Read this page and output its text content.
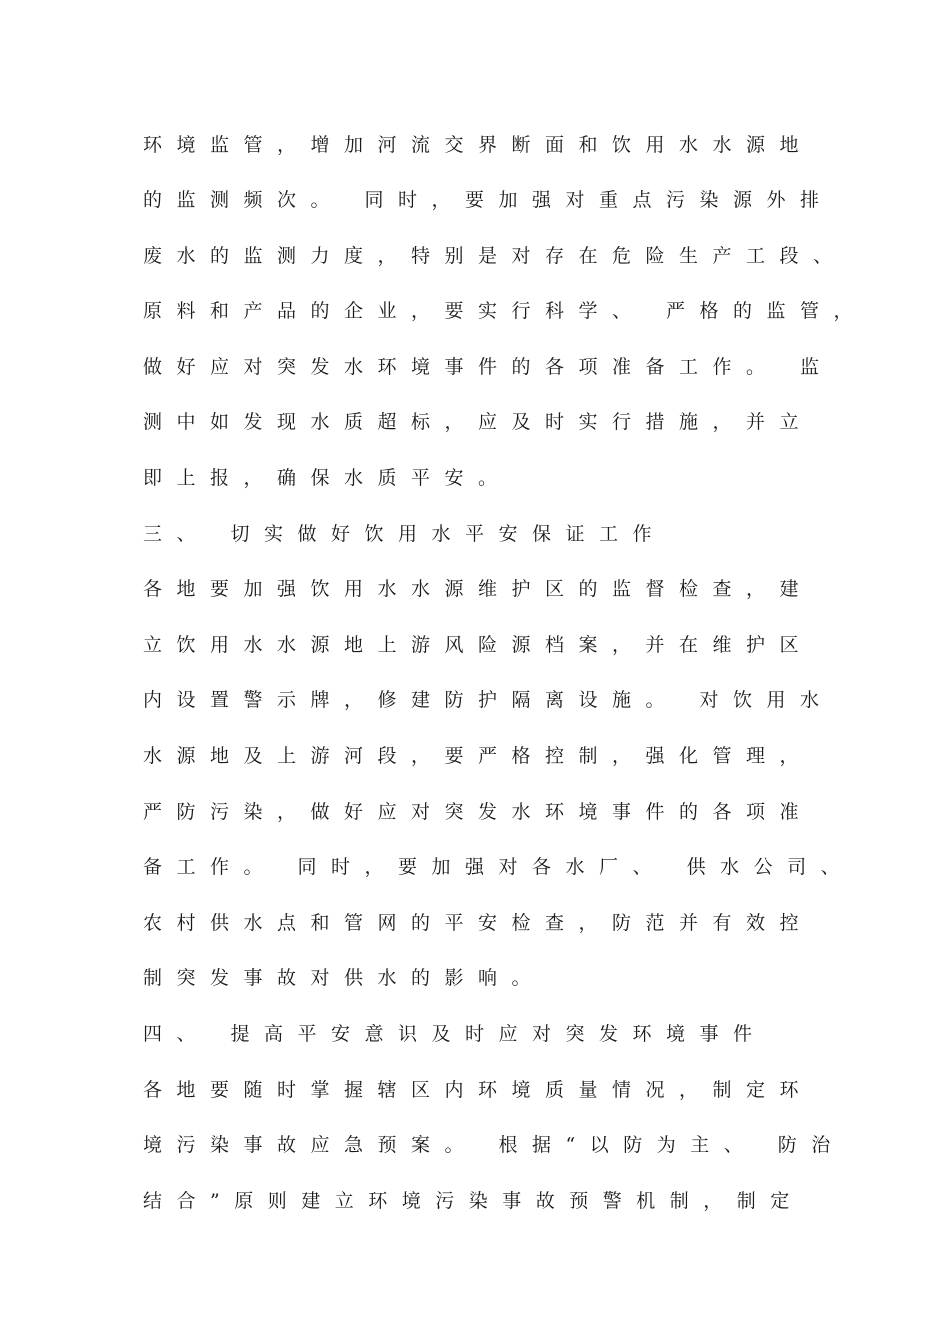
环境监管，增加河流交界断面和饮用水水源地
的监测频次。 同时，要加强对重点污染源外排
废水的监测力度，特别是对存在危险生产工段、
原料和产品的企业，要实行科学、 严格的监管，
做好应对突发水环境事件的各项准备工作。 监
测中如发现水质超标，应及时实行措施，并立
即上报，确保水质平安。
三、 切实做好饮用水平安保证工作
各地要加强饮用水水源维护区的监督检查，建
立饮用水水源地上游风险源档案，并在维护区
内设置警示牌，修建防护隔离设施。 对饮用水
水源地及上游河段，要严格控制，强化管理，
严防污染，做好应对突发水环境事件的各项准
备工作。 同时，要加强对各水厂、 供水公司、
农村供水点和管网的平安检查，防范并有效控
制突发事故对供水的影响。
四、 提高平安意识及时应对突发环境事件
各地要随时掌握辖区内环境质量情况，制定环
境污染事故应急预案。 根据“以防为主、 防治
结合”原则建立环境污染事故预警机制，制定
